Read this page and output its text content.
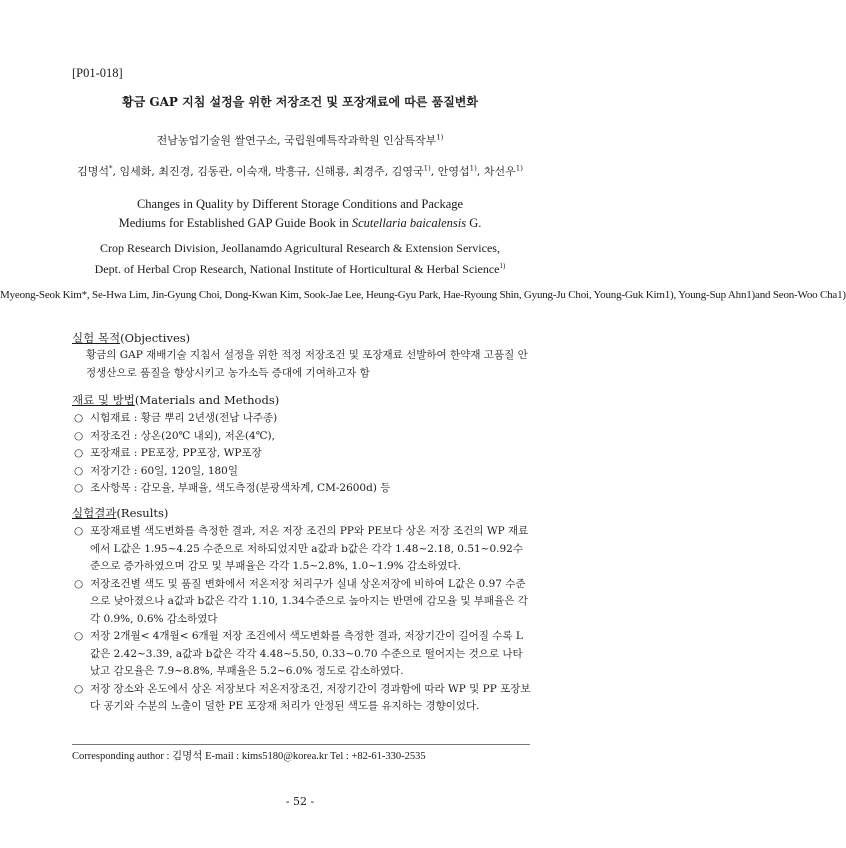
[P01-018]
황금 GAP 지침 설정을 위한 저장조건 및 포장재료에 따른 품질변화
전남농업기술원 쌀연구소, 국립원예특작과학원 인삼특작부$^{1)}$
김명석*, 임세화, 최진경, 김동관, 이숙재, 박흥규, 신해룡, 최경주, 김영국$^{1)}$, 안영섭$^{1)}$, 차선우$^{1)}$
Changes in Quality by Different Storage Conditions and Package
Mediums for Established GAP Guide Book in Scutellaria baicalensis G.
Crop Research Division, Jeollanamdo Agricultural Research & Extension Services,
Dept. of Herbal Crop Research, National Institute of Horticultural & Herbal Science$^{1)}$
Myeong-Seok Kim*, Se-Hwa Lim, Jin-Gyung Choi, Dong-Kwan Kim, Sook-Jae Lee, Heung-Gyu Park, Hae-Ryoung Shin, Gyung-Ju Choi, Young-Guk Kim1), Young-Sup Ahn1)and Seon-Woo Cha1)
실험 목적(Objectives)
황금의 GAP 재배기술 지침서 설정을 위한 적정 저장조건 및 포장재료 선발하여 한약재 고품질 안정생산으로 품질을 향상시키고 농가소득 증대에 기여하고자 함
재료 및 방법(Materials and Methods)
○ 시험재료 : 황금 뿌리 2년생(전남 나주종)
○ 저장조건 : 상온(20℃ 내외), 저온(4℃),
○ 포장재료 : PE포장, PP포장, WP포장
○ 저장기간 : 60일, 120일, 180일
○ 조사항목 : 감모율, 부패율, 색도측정(분광색차계, CM-2600d) 등
실험결과(Results)
○ 포장재료별 색도변화를 측정한 결과, 저온 저장 조건의 PP와 PE보다 상온 저장 조건의 WP 재료에서 L값은 1.95~4.25 수준으로 저하되었지만 a값과 b값은 각각 1.48~2.18, 0.51~0.92수준으로 증가하였으며 감모 및 부패율은 각각 1.5~2.8%, 1.0~1.9% 감소하였다.
○ 저장조건별 색도 및 품질 변화에서 저온저장 처리구가 실내 상온저장에 비하여 L값은 0.97 수준으로 낮아졌으나 a값과 b값은 각각 1.10, 1.34수준으로 높아지는 반면에 감모율 및 부패율은 각각 0.9%, 0.6% 감소하였다
○ 저장 2개월< 4개월< 6개월 저장 조건에서 색도변화를 측정한 결과, 저장기간이 길어질 수록 L값은 2.42~3.39, a값과 b값은 각각 4.48~5.50, 0.33~0.70 수준으로 떨어지는 것으로 나타났고 감모율은 7.9~8.8%, 부패율은 5.2~6.0% 정도로 감소하였다.
○ 저장 장소와 온도에서 상온 저장보다 저온저장조건, 저장기간이 경과함에 따라 WP 및 PP 포장보다 공기와 수분의 노출이 덜한 PE 포장재 처리가 안정된 색도를 유지하는 경향이었다.
Corresponding author : 김명석 E-mail : kims5180@korea.kr Tel : +82-61-330-2535
- 52 -
